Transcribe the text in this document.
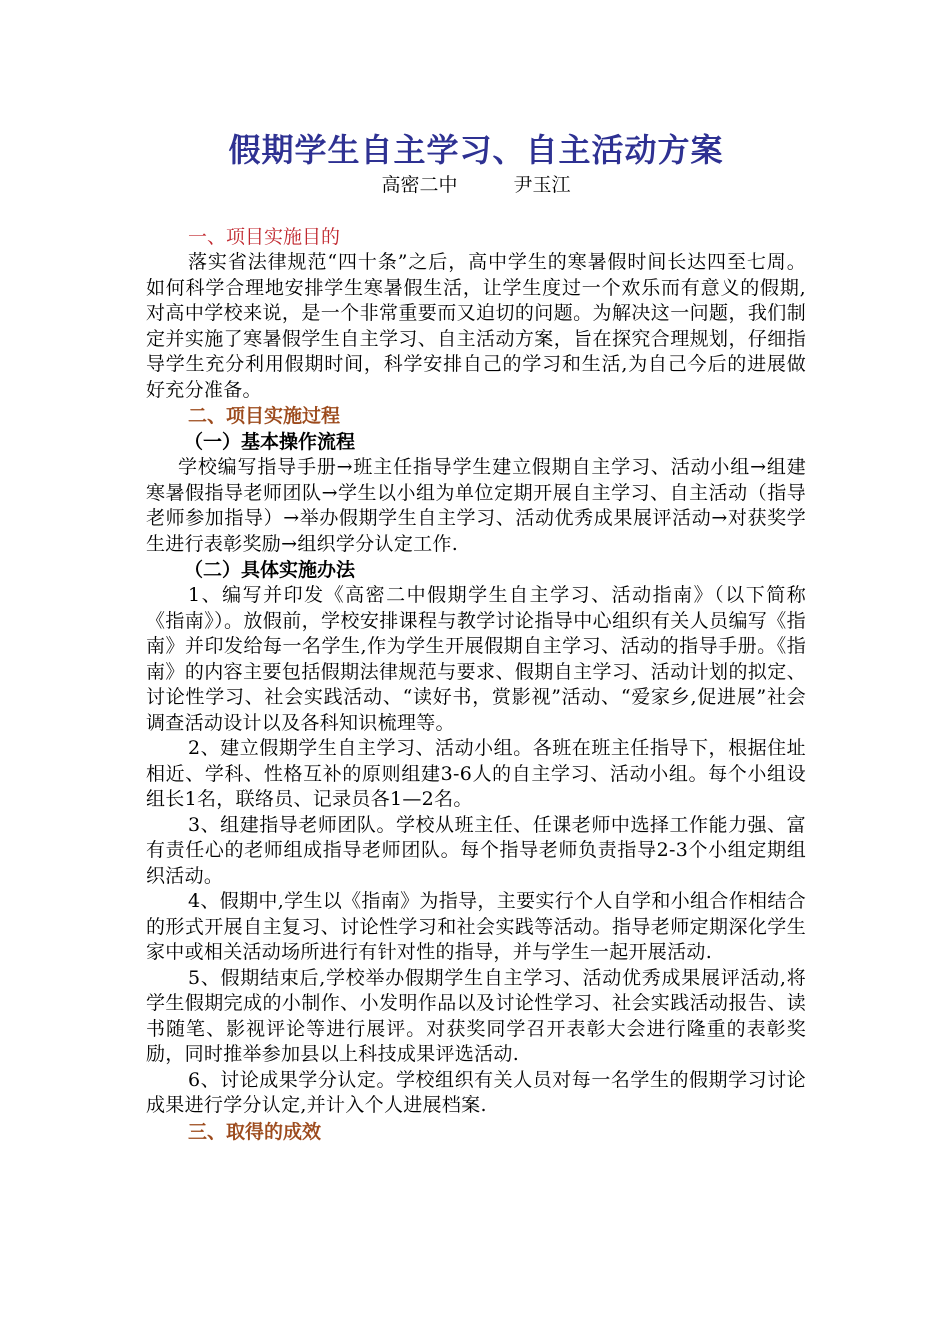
假期学生自主学习、自主活动方案

高密二中	尹玉江

一、项目实施目的

落实省法律规范“四十条”之后，高中学生的寒暑假时间长达四至七周。如何科学合理地安排学生寒暑假生活，让学生度过一个欢乐而有意义的假期,对高中学校来说，是一个非常重要而又迫切的问题。为解决这一问题，我们制定并实施了寒暑假学生自主学习、自主活动方案，旨在探究合理规划，仔细指导学生充分利用假期时间，科学安排自己的学习和生活,为自己今后的进展做好充分准备。

二、项目实施过程

（一）基本操作流程

学校编写指导手册→班主任指导学生建立假期自主学习、活动小组→组建寒暑假指导老师团队→学生以小组为单位定期开展自主学习、自主活动（指导老师参加指导）→举办假期学生自主学习、活动优秀成果展评活动→对获奖学生进行表彰奖励→组织学分认定工作.

（二）具体实施办法

1、编写并印发《高密二中假期学生自主学习、活动指南》（以下简称《指南》）。放假前，学校安排课程与教学讨论指导中心组织有关人员编写《指南》并印发给每一名学生,作为学生开展假期自主学习、活动的指导手册。《指南》的内容主要包括假期法律规范与要求、假期自主学习、活动计划的拟定、讨论性学习、社会实践活动、“读好书，赏影视”活动、“爱家乡,促进展”社会调查活动设计以及各科知识梳理等。

2、建立假期学生自主学习、活动小组。各班在班主任指导下，根据住址相近、学科、性格互补的原则组建3-6人的自主学习、活动小组。每个小组设组长1名，联络员、记录员各1—2名。

3、组建指导老师团队。学校从班主任、任课老师中选择工作能力强、富有责任心的老师组成指导老师团队。每个指导老师负责指导2-3个小组定期组织活动。

4、假期中,学生以《指南》为指导，主要实行个人自学和小组合作相结合的形式开展自主复习、讨论性学习和社会实践等活动。指导老师定期深化学生家中或相关活动场所进行有针对性的指导，并与学生一起开展活动.

5、假期结束后,学校举办假期学生自主学习、活动优秀成果展评活动,将学生假期完成的小制作、小发明作品以及讨论性学习、社会实践活动报告、读书随笔、影视评论等进行展评。对获奖同学召开表彰大会进行隆重的表彰奖励，同时推举参加县以上科技成果评选活动.

6、讨论成果学分认定。学校组织有关人员对每一名学生的假期学习讨论成果进行学分认定,并计入个人进展档案.

三、取得的成效
